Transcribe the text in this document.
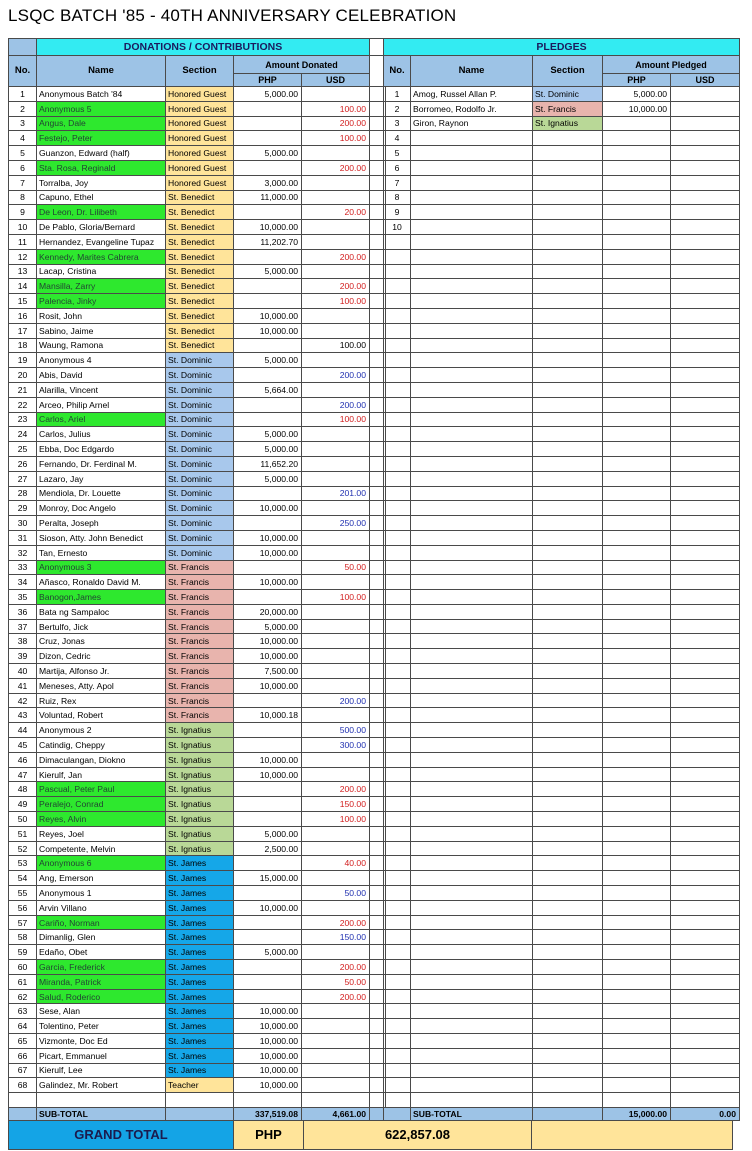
LSQC BATCH '85 - 40TH ANNIVERSARY CELEBRATION
	DONATIONS / CONTRIBUTIONS				
No.	Name	Section	Amount Donated		
			PHP	USD	
1	Anonymous Batch '84	Honored Guest	5,000.00		
2	Anonymous 5	Honored Guest		100.00	
3	Angus, Dale	Honored Guest		200.00	
4	Festejo, Peter	Honored Guest		100.00	
5	Guanzon, Edward (half)	Honored Guest	5,000.00		
6	Sta. Rosa, Reginald	Honored Guest		200.00	
7	Torralba, Joy	Honored Guest	3,000.00		
8	Capuno, Ethel	St. Benedict	11,000.00		
9	De Leon, Dr. Lilibeth	St. Benedict		20.00	
10	De Pablo, Gloria/Bernard	St. Benedict	10,000.00		
11	Hernandez, Evangeline Tupaz	St. Benedict	11,202.70		
12	Kennedy, Marites Cabrera	St. Benedict		200.00	
13	Lacap, Cristina	St. Benedict	5,000.00		
14	Mansilla, Zarry	St. Benedict		200.00	
15	Palencia, Jinky	St. Benedict		100.00	
16	Rosit, John	St. Benedict	10,000.00		
17	Sabino, Jaime	St. Benedict	10,000.00		
18	Waung, Ramona	St. Benedict		100.00	
19	Anonymous 4	St. Dominic	5,000.00		
20	Abis, David	St. Dominic		200.00	
21	Alarilla, Vincent	St. Dominic	5,664.00		
22	Arceo, Philip Arnel	St. Dominic		200.00	
23	Carlos, Ariel	St. Dominic		100.00	
24	Carlos, Julius	St. Dominic	5,000.00		
25	Ebba, Doc Edgardo	St. Dominic	5,000.00		
26	Fernando, Dr. Ferdinal M.	St. Dominic	11,652.20		
27	Lazaro, Jay	St. Dominic	5,000.00		
28	Mendiola, Dr. Louette	St. Dominic		201.00	
29	Monroy, Doc Angelo	St. Dominic	10,000.00		
30	Peralta, Joseph	St. Dominic		250.00	
31	Sioson, Atty. John Benedict	St. Dominic	10,000.00		
32	Tan, Ernesto	St. Dominic	10,000.00		
33	Anonymous 3	St. Francis		50.00	
34	Añasco, Ronaldo David M.	St. Francis	10,000.00		
35	Banogon,James	St. Francis		100.00	
36	Bata ng Sampaloc	St. Francis	20,000.00		
37	Bertulfo, Jick	St. Francis	5,000.00		
38	Cruz, Jonas	St. Francis	10,000.00		
39	Dizon, Cedric	St. Francis	10,000.00		
40	Martija, Alfonso Jr.	St. Francis	7,500.00		
41	Meneses, Atty. Apol	St. Francis	10,000.00		
42	Ruiz, Rex	St. Francis		200.00	
43	Voluntad, Robert	St. Francis	10,000.18		
44	Anonymous 2	St. Ignatius		500.00	
45	Catindig, Cheppy	St. Ignatius		300.00	
46	Dimaculangan, Diokno	St. Ignatius	10,000.00		
47	Kierulf, Jan	St. Ignatius	10,000.00		
48	Pascual, Peter Paul	St. Ignatius		200.00	
49	Peralejo, Conrad	St. Ignatius		150.00	
50	Reyes, Alvin	St. Ignatius		100.00	
51	Reyes, Joel	St. Ignatius	5,000.00		
52	Competente, Melvin	St. Ignatius	2,500.00		
53	Anonymous 6	St. James		40.00	
54	Ang, Emerson	St. James	15,000.00		
55	Anonymous 1	St. James		50.00	
56	Arvin Villano	St. James	10,000.00		
57	Cariño, Norman	St. James		200.00	
58	Dimanlig, Glen	St. James		150.00	
59	Edaño, Obet	St. James	5,000.00		
60	Garcia, Frederick	St. James		200.00	
61	Miranda, Patrick	St. James		50.00	
62	Salud, Roderico	St. James		200.00	
63	Sese, Alan	St. James	10,000.00		
64	Tolentino, Peter	St. James	10,000.00		
65	Vizmonte, Doc Ed	St. James	10,000.00		
66	Picart, Emmanuel	St. James	10,000.00		
67	Kierulf, Lee	St. James	10,000.00		
68	Galindez, Mr. Robert	Teacher	10,000.00		

	SUB-TOTAL		337,519.08	4,661.00	
PLEDGES				
No.	Name	Section	Amount Pledged	
			PHP	USD
1	Amog, Russel Allan P.	St. Dominic	5,000.00	
2	Borromeo, Rodolfo Jr.	St. Francis	10,000.00	
3	Giron, Raynon	St. Ignatius		
4				
5				
6				
7				
8				
9				
10				

	SUB-TOTAL		15,000.00	0.00
GRAND TOTAL	PHP	622,857.08	
